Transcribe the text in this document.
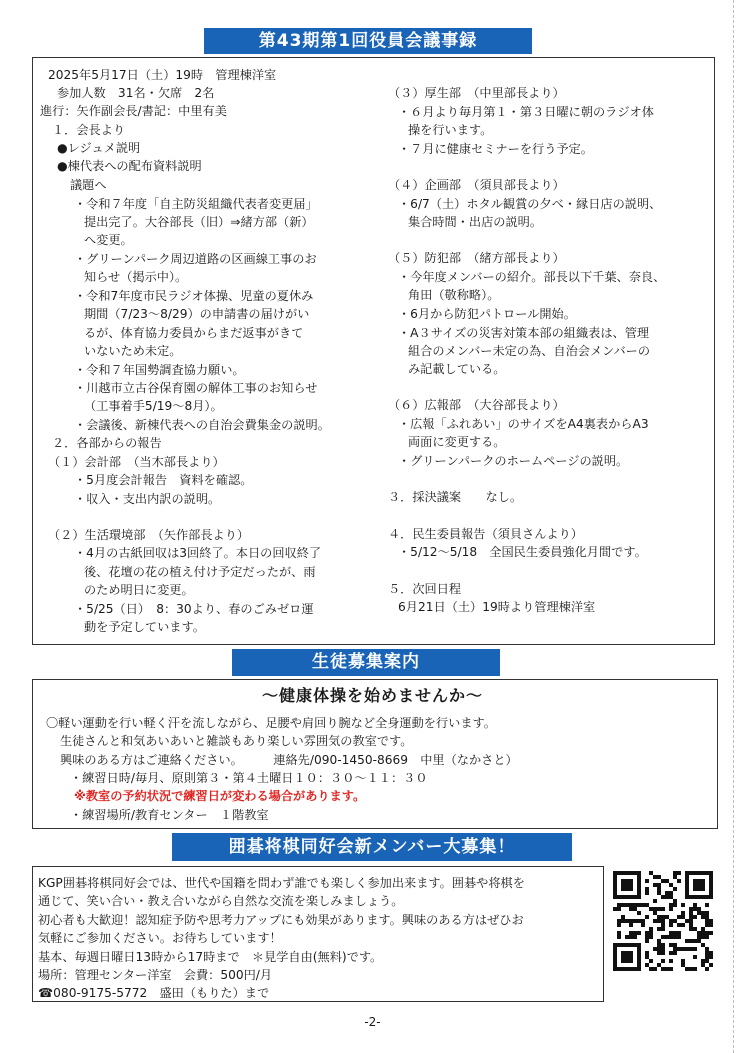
第43期第1回役員会議事録
2025年5月17日（土）19時　管理棟洋室
参加人数　31名・欠席　2名
進行：矢作副会長/書記：中里有美
１．会長より
●レジュメ説明
●棟代表への配布資料説明
議題へ
・令和７年度「自主防災組織代表者変更届」
提出完了。大谷部長（旧）⇒緒方部（新）
へ変更。
・グリーンパーク周辺道路の区画線工事のお
知らせ（掲示中）。
・令和7年度市民ラジオ体操、児童の夏休み
期間（7/23～8/29）の申請書の届けがい
るが、体育協力委員からまだ返事がきて
いないため未定。
・令和７年国勢調査協力願い。
・川越市立古谷保育園の解体工事のお知らせ
（工事着手5/19～8月）。
・会議後、新棟代表への自治会費集金の説明。
２．各部からの報告
（１）会計部　（当木部長より）
・5月度会計報告　資料を確認。
・収入・支出内訳の説明。
（２）生活環境部　（矢作部長より）
・4月の古紙回収は3回終了。本日の回収終了
後、花壇の花の植え付け予定だったが、雨
のため明日に変更。
・5/25（日）　8：30より、春のごみゼロ運
動を予定しています。
（３）厚生部　（中里部長より）
・６月より毎月第１・第３日曜に朝のラジオ体
操を行います。
・７月に健康セミナーを行う予定。
（４）企画部　（須貝部長より）
・6/7（土）ホタル観賞の夕べ・縁日店の説明、
集合時間・出店の説明。
（５）防犯部　（緒方部長より）
・今年度メンバーの紹介。部長以下千葉、奈良、
角田（敬称略）。
・6月から防犯パトロール開始。
・A３サイズの災害対策本部の組織表は、管理
組合のメンバー未定の為、自治会メンバーの
み記載している。
（６）広報部　（大谷部長より）
・広報「ふれあい」のサイズをA4裏表からA3
両面に変更する。
・グリーンパークのホームページの説明。
３．採決議案　　なし。
４．民生委員報告（須貝さんより）
・5/12～5/18　全国民生委員強化月間です。
５．次回日程
6月21日（土）19時より管理棟洋室
生徒募集案内
～健康体操を始めませんか～
〇軽い運動を行い軽く汗を流しながら、足腰や肩回り腕など全身運動を行います。
生徒さんと和気あいあいと雑談もあり楽しい雰囲気の教室です。
興味のある方はご連絡ください。　　　連絡先/090-1450-8669　中里（なかさと）
・練習日時/毎月、原則第３・第４土曜日１０：３０～１１：３０
※教室の予約状況で練習日が変わる場合があります。
・練習場所/教育センター　１階教室
囲碁将棋同好会新メンバー大募集！
KGP囲碁将棋同好会では、世代や国籍を問わず誰でも楽しく参加出来ます。囲碁や将棋を
通じて、笑い合い・教え合いながら自然な交流を楽しみましょう。
初心者も大歓迎！認知症予防や思考力アップにも効果があります。興味のある方はぜひお
気軽にご参加ください。お待ちしています！
基本、毎週日曜日13時から17時まで　＊見学自由(無料)です。
場所：管理センター洋室　会費：500円/月
☎080-9175-5772　盛田（もりた）まで
-2-
